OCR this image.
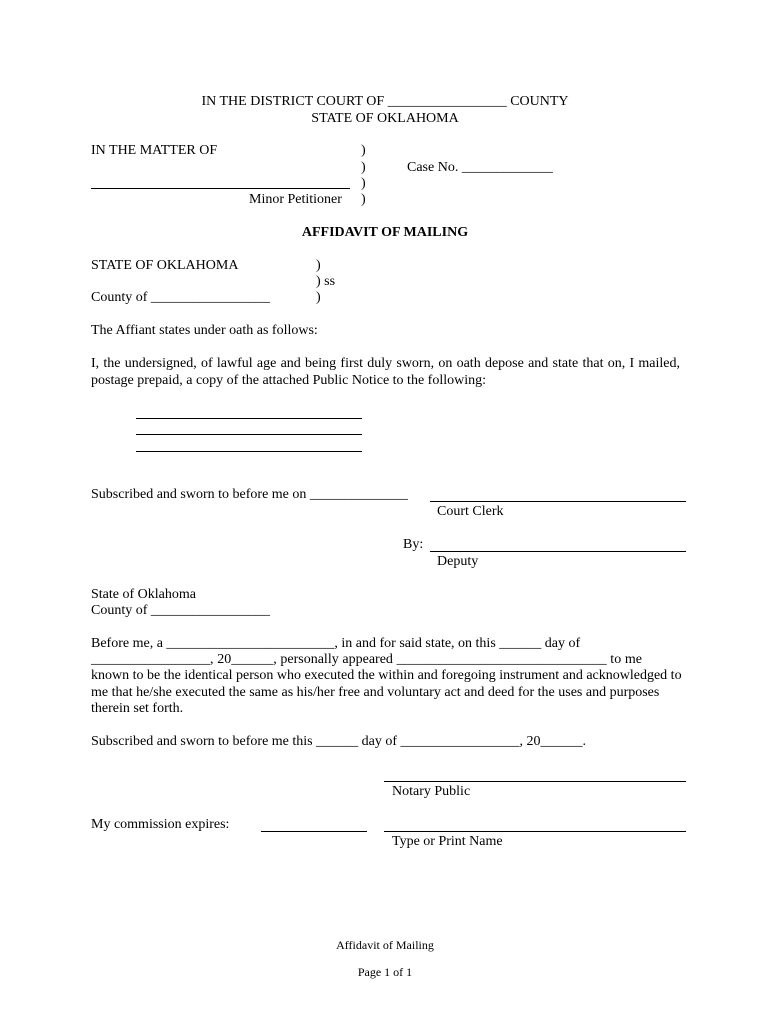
IN THE DISTRICT COURT OF _________________ COUNTY
STATE OF OKLAHOMA
IN THE MATTER OF	)
)	Case No. _____________
)
Minor Petitioner )
AFFIDAVIT OF MAILING
STATE OF OKLAHOMA	)
) ss
County of _________________	)
The Affiant states under oath as follows:
I, the undersigned, of lawful age and being first duly sworn, on oath depose and state that on, I mailed,
postage prepaid, a copy of the attached Public Notice to the following:
Subscribed and sworn to before me on ______________
Court Clerk
By:
Deputy
State of Oklahoma
County of _________________
Before me, a ________________________, in and for said state, on this ______ day of
_________________, 20______, personally appeared ______________________________ to me
known to be the identical person who executed the within and foregoing instrument and acknowledged to
me that he/she executed the same as his/her free and voluntary act and deed for the uses and purposes
therein set forth.
Subscribed and sworn to before me this ______ day of _________________, 20______.
Notary Public
My commission expires:
Type or Print Name
Affidavit of Mailing
Page 1 of 1
